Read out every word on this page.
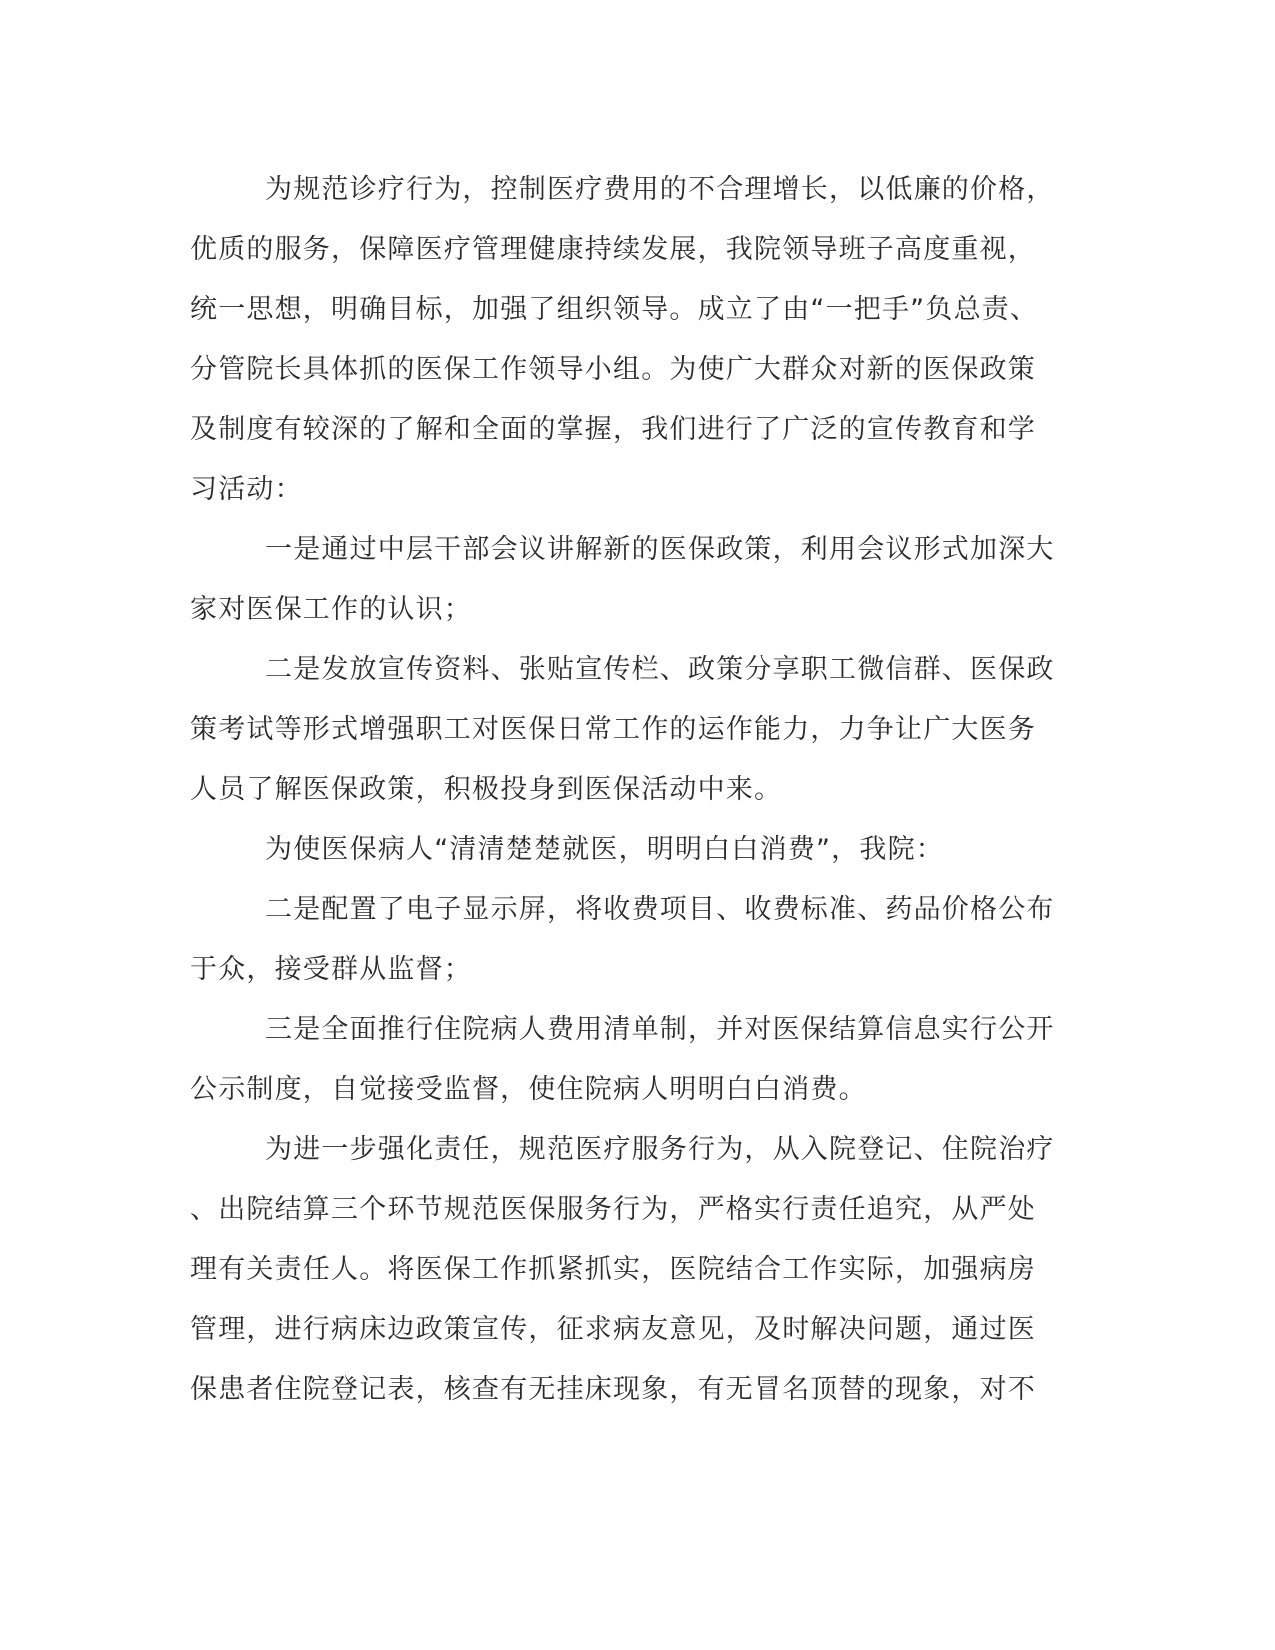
为规范诊疗行为，控制医疗费用的不合理增长，以低廉的价格，
优质的服务，保障医疗管理健康持续发展，我院领导班子高度重视，
统一思想，明确目标，加强了组织领导。成立了由“一把手”负总责、
分管院长具体抓的医保工作领导小组。为使广大群众对新的医保政策
及制度有较深的了解和全面的掌握，我们进行了广泛的宣传教育和学
习活动：
一是通过中层干部会议讲解新的医保政策，利用会议形式加深大
家对医保工作的认识；
二是发放宣传资料、张贴宣传栏、政策分享职工微信群、医保政
策考试等形式增强职工对医保日常工作的运作能力，力争让广大医务
人员了解医保政策，积极投身到医保活动中来。
为使医保病人“清清楚楚就医，明明白白消费”，我院：
二是配置了电子显示屏，将收费项目、收费标准、药品价格公布
于众，接受群从监督；
三是全面推行住院病人费用清单制，并对医保结算信息实行公开
公示制度，自觉接受监督，使住院病人明明白白消费。
为进一步强化责任，规范医疗服务行为，从入院登记、住院治疗
、出院结算三个环节规范医保服务行为，严格实行责任追究，从严处
理有关责任人。将医保工作抓紧抓实，医院结合工作实际，加强病房
管理，进行病床边政策宣传，征求病友意见，及时解决问题，通过医
保患者住院登记表，核查有无挂床现象，有无冒名顶替的现象，对不
